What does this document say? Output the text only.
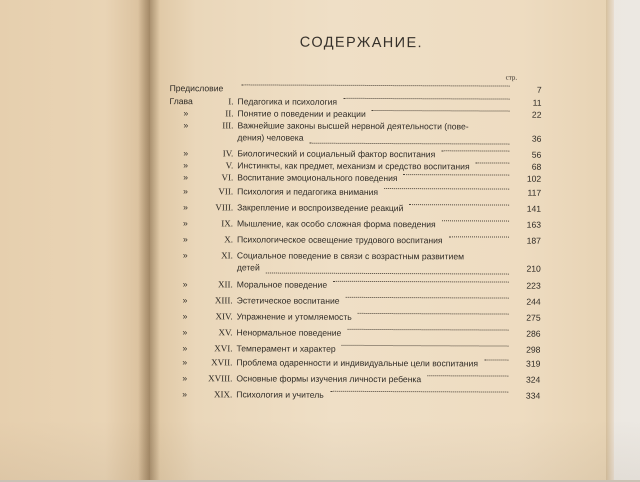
СОДЕРЖАНИЕ.
стр.
Предисловие	7
Глава	I. Педагогика и психология	11
»	II. Понятие о поведении и реакции	22
»	III. Важнейшие законы высшей нервной деятельности (пове-
дения) человека	36
»	IV. Биологический и социальный фактор воспитания	56
»	V. Инстинкты, как предмет, механизм и средство воспитания	68
»	VI. Воспитание эмоционального поведения	102
»	VII. Психология и педагогика внимания	117
»	VIII. Закрепление и воспроизведение реакций	141
»	IX. Мышление, как особо сложная форма поведения	163
»	X. Психологическое освещение трудового воспитания	187
»	XI. Социальное поведение в связи с возрастным развитием
детей	210
»	XII. Моральное поведение	223
»	XIII. Эстетическое воспитание	244
»	XIV. Упражнение и утомляемость	275
»	XV. Ненормальное поведение	286
»	XVI. Темперамент и характер	298
»	XVII. Проблема одаренности и индивидуальные цели воспитания	319
»	XVIII. Основные формы изучения личности ребенка	324
»	XIX. Психология и учитель	334
